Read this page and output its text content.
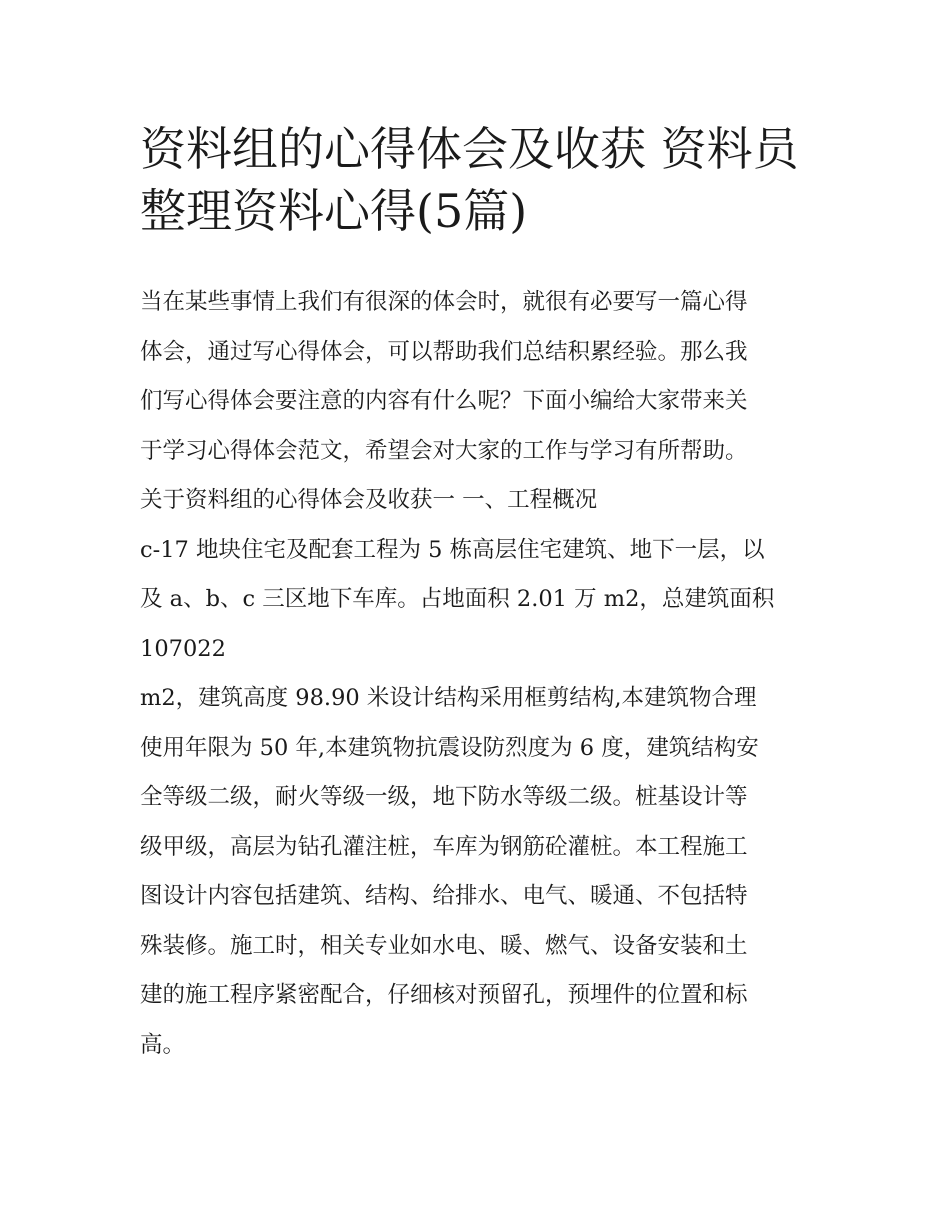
资料组的心得体会及收获 资料员整理资料心得(5篇)
当在某些事情上我们有很深的体会时，就很有必要写一篇心得
体会，通过写心得体会，可以帮助我们总结积累经验。那么我
们写心得体会要注意的内容有什么呢？下面小编给大家带来关
于学习心得体会范文，希望会对大家的工作与学习有所帮助。
关于资料组的心得体会及收获一 一、工程概况
c-17 地块住宅及配套工程为 5 栋高层住宅建筑、地下一层，以
及 a、b、c 三区地下车库。占地面积 2.01 万 m2，总建筑面积
107022
m2，建筑高度 98.90 米设计结构采用框剪结构,本建筑物合理
使用年限为 50 年,本建筑物抗震设防烈度为 6 度，建筑结构安
全等级二级，耐火等级一级，地下防水等级二级。桩基设计等
级甲级，高层为钻孔灌注桩，车库为钢筋砼灌桩。本工程施工
图设计内容包括建筑、结构、给排水、电气、暖通、不包括特
殊装修。施工时，相关专业如水电、暖、燃气、设备安装和土
建的施工程序紧密配合，仔细核对预留孔，预埋件的位置和标
高。
